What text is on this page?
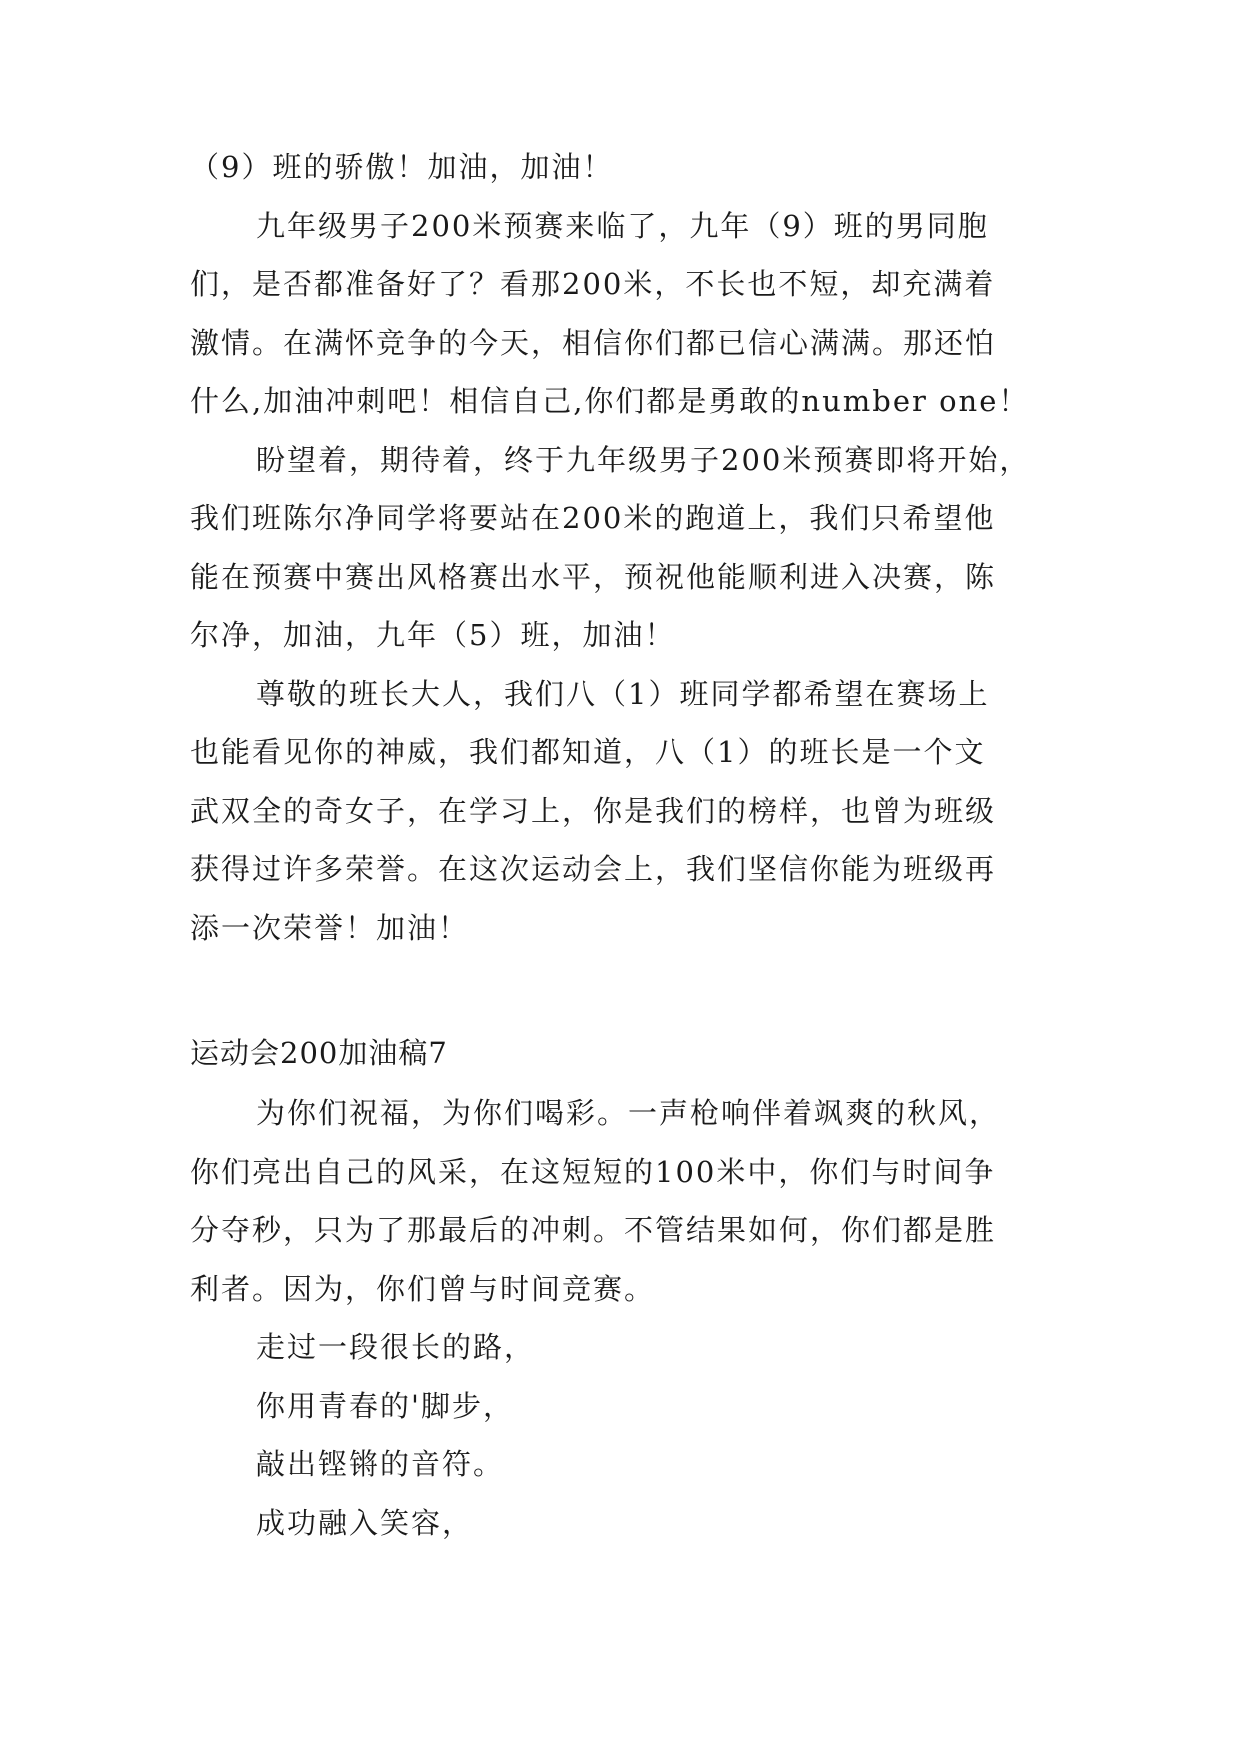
（9）班的骄傲！加油，加油！
九年级男子200米预赛来临了，九年（9）班的男同胞
们，是否都准备好了？看那200米，不长也不短，却充满着
激情。在满怀竞争的今天，相信你们都已信心满满。那还怕
什么,加油冲刺吧！相信自己,你们都是勇敢的number one！
盼望着，期待着，终于九年级男子200米预赛即将开始，
我们班陈尔净同学将要站在200米的跑道上，我们只希望他
能在预赛中赛出风格赛出水平，预祝他能顺利进入决赛，陈
尔净，加油，九年（5）班，加油！
尊敬的班长大人，我们八（1）班同学都希望在赛场上
也能看见你的神威，我们都知道，八（1）的班长是一个文
武双全的奇女子，在学习上，你是我们的榜样，也曾为班级
获得过许多荣誉。在这次运动会上，我们坚信你能为班级再
添一次荣誉！加油！
运动会200加油稿7
为你们祝福，为你们喝彩。一声枪响伴着飒爽的秋风，
你们亮出自己的风采，在这短短的100米中，你们与时间争
分夺秒，只为了那最后的冲刺。不管结果如何，你们都是胜
利者。因为，你们曾与时间竞赛。
走过一段很长的路，
你用青春的'脚步，
敲出铿锵的音符。
成功融入笑容，
